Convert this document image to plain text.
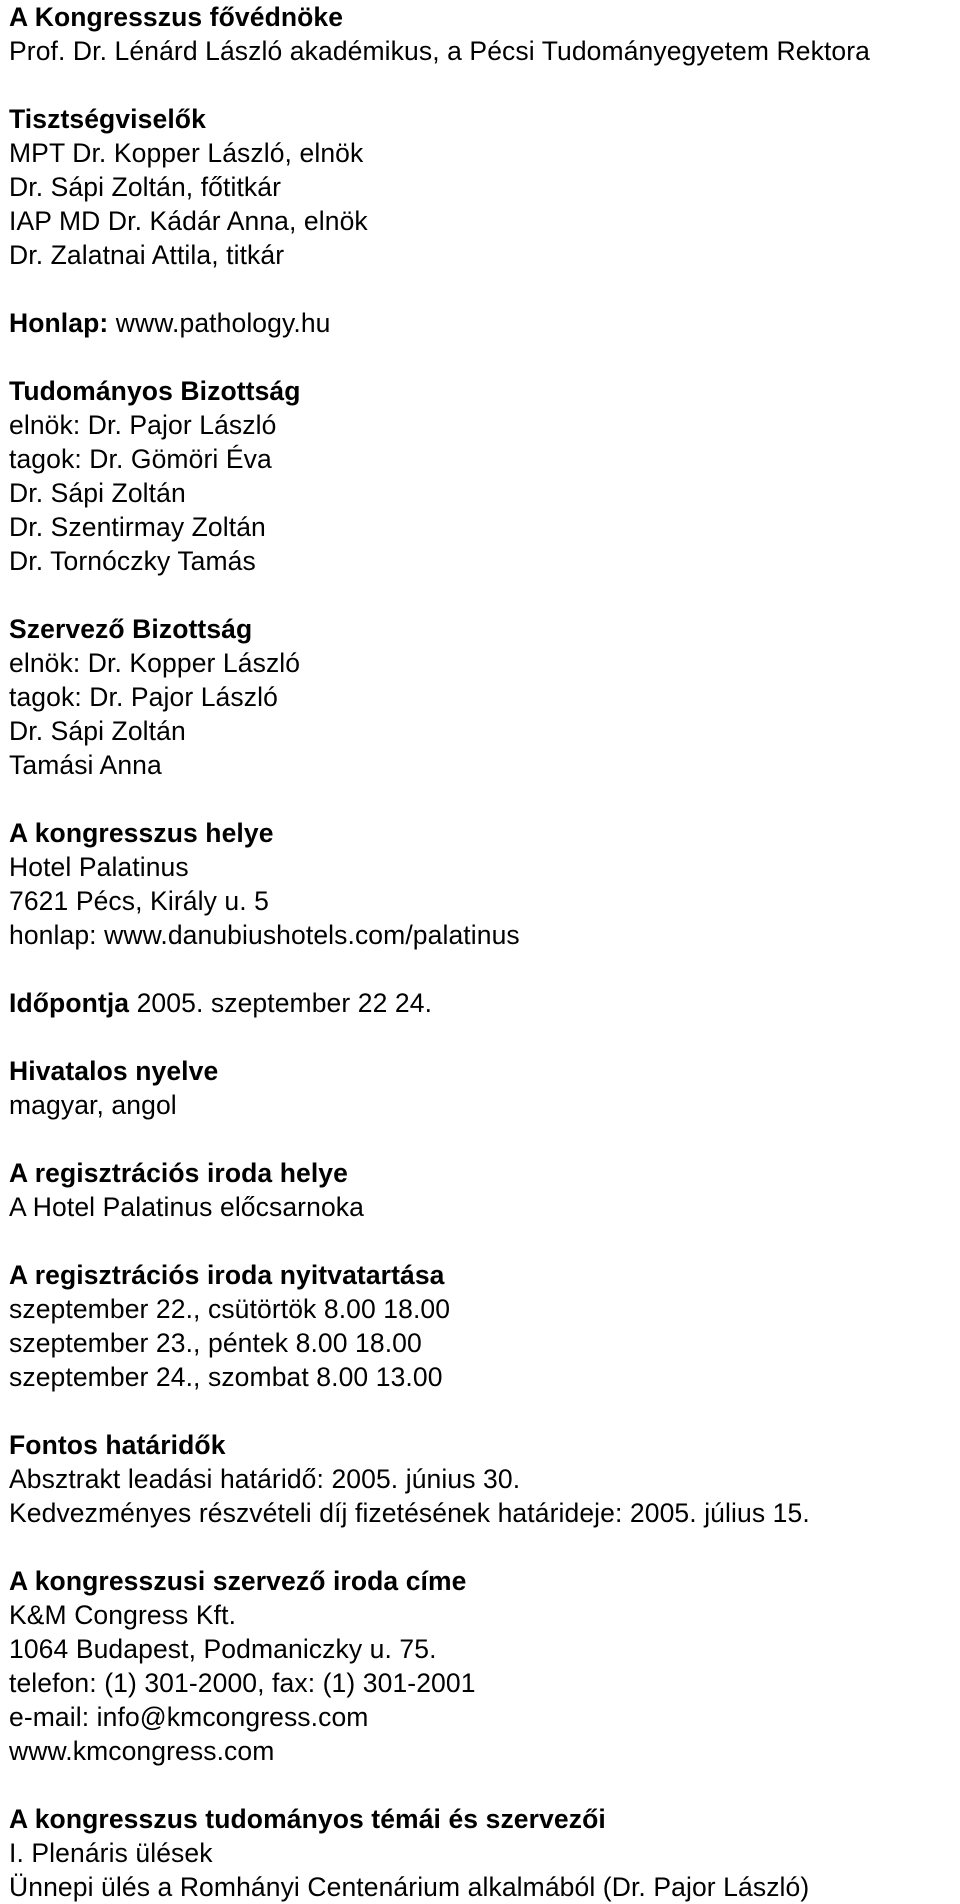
A Kongresszus fővédnöke
Prof. Dr. Lénárd László akadémikus, a Pécsi Tudományegyetem Rektora
Tisztségviselők
MPT Dr. Kopper László, elnök
Dr. Sápi Zoltán, főtitkár
IAP MD Dr. Kádár Anna, elnök
Dr. Zalatnai Attila, titkár
Honlap: www.pathology.hu
Tudományos Bizottság
elnök: Dr. Pajor László
tagok: Dr. Gömöri Éva
Dr. Sápi Zoltán
Dr. Szentirmay Zoltán
Dr. Tornóczky Tamás
Szervező Bizottság
elnök: Dr. Kopper László
tagok: Dr. Pajor László
Dr. Sápi Zoltán
Tamási Anna
A kongresszus helye
Hotel Palatinus
7621 Pécs, Király u. 5
honlap: www.danubiushotels.com/palatinus
Időpontja 2005. szeptember 22 24.
Hivatalos nyelve
magyar, angol
A regisztrációs iroda helye
A Hotel Palatinus előcsarnoka
A regisztrációs iroda nyitvatartása
szeptember 22., csütörtök 8.00 18.00
szeptember 23., péntek 8.00 18.00
szeptember 24., szombat 8.00 13.00
Fontos határidők
Absztrakt leadási határidő: 2005. június 30.
Kedvezményes részvételi díj fizetésének határideje: 2005. július 15.
A kongresszusi szervező iroda címe
K&M Congress Kft.
1064 Budapest, Podmaniczky u. 75.
telefon: (1) 301-2000, fax: (1) 301-2001
e-mail: info@kmcongress.com
www.kmcongress.com
A kongresszus tudományos témái és szervezői
I. Plenáris ülések
Ünnepi ülés a Romhányi Centenárium alkalmából (Dr. Pajor László)
